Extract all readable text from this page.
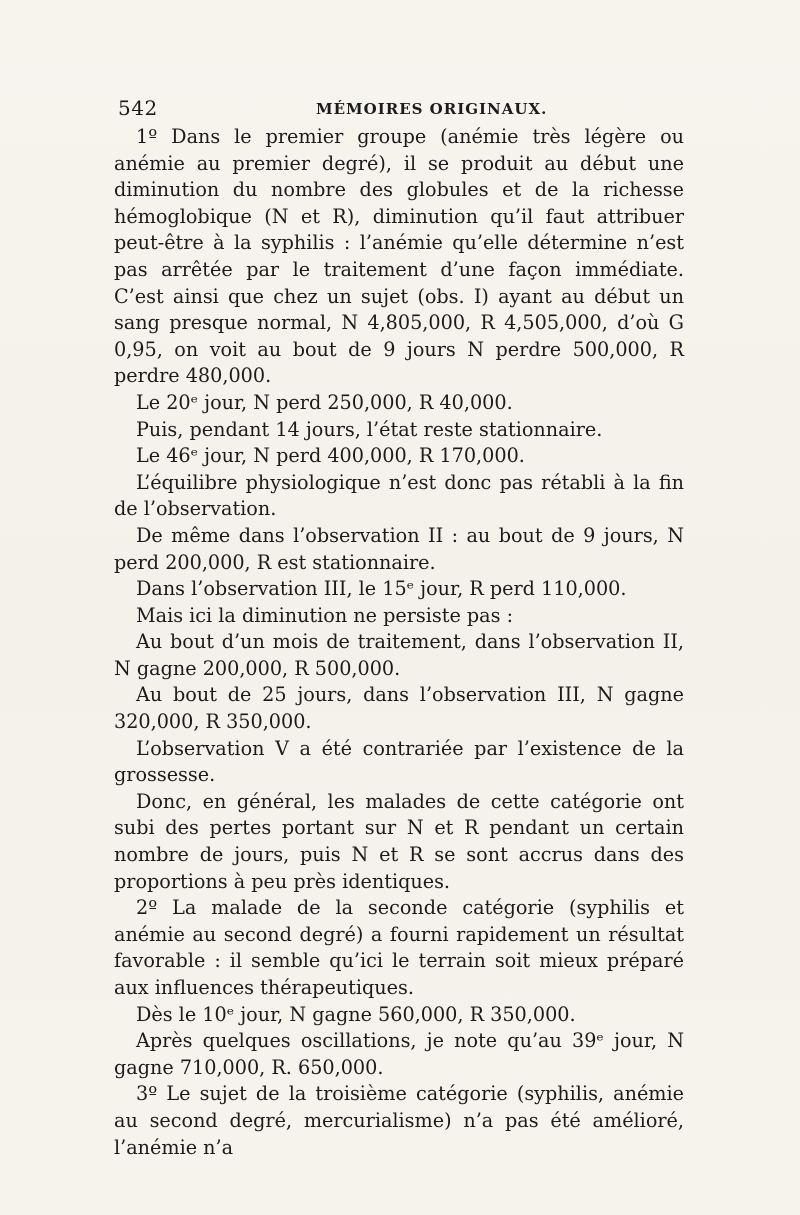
542	MÉMOIRES ORIGINAUX.

1º Dans le premier groupe (anémie très légère ou anémie au premier degré), il se produit au début une diminution du nombre des globules et de la richesse hémoglobique (N et R), diminution qu’il faut attribuer peut-être à la syphilis : l’anémie qu’elle détermine n’est pas arrêtée par le traitement d’une façon immédiate. C’est ainsi que chez un sujet (obs. I) ayant au début un sang presque normal, N 4,805,000, R 4,505,000, d’où G 0,95, on voit au bout de 9 jours N perdre 500,000, R perdre 480,000.

Le 20ᵉ jour, N perd 250,000, R 40,000.

Puis, pendant 14 jours, l’état reste stationnaire.

Le 46ᵉ jour, N perd 400,000, R 170,000.

L’équilibre physiologique n’est donc pas rétabli à la fin de l’observation.

De même dans l’observation II : au bout de 9 jours, N perd 200,000, R est stationnaire.

Dans l’observation III, le 15ᵉ jour, R perd 110,000.

Mais ici la diminution ne persiste pas :

Au bout d’un mois de traitement, dans l’observation II, N gagne 200,000, R 500,000.

Au bout de 25 jours, dans l’observation III, N gagne 320,000, R 350,000.

L’observation V a été contrariée par l’existence de la grossesse.

Donc, en général, les malades de cette catégorie ont subi des pertes portant sur N et R pendant un certain nombre de jours, puis N et R se sont accrus dans des proportions à peu près identiques.

2º La malade de la seconde catégorie (syphilis et anémie au second degré) a fourni rapidement un résultat favorable : il semble qu’ici le terrain soit mieux préparé aux influences thérapeutiques.

Dès le 10ᵉ jour, N gagne 560,000, R 350,000.

Après quelques oscillations, je note qu’au 39ᵉ jour, N gagne 710,000, R. 650,000.

3º Le sujet de la troisième catégorie (syphilis, anémie au second degré, mercurialisme) n’a pas été amélioré, l’anémie n’a
